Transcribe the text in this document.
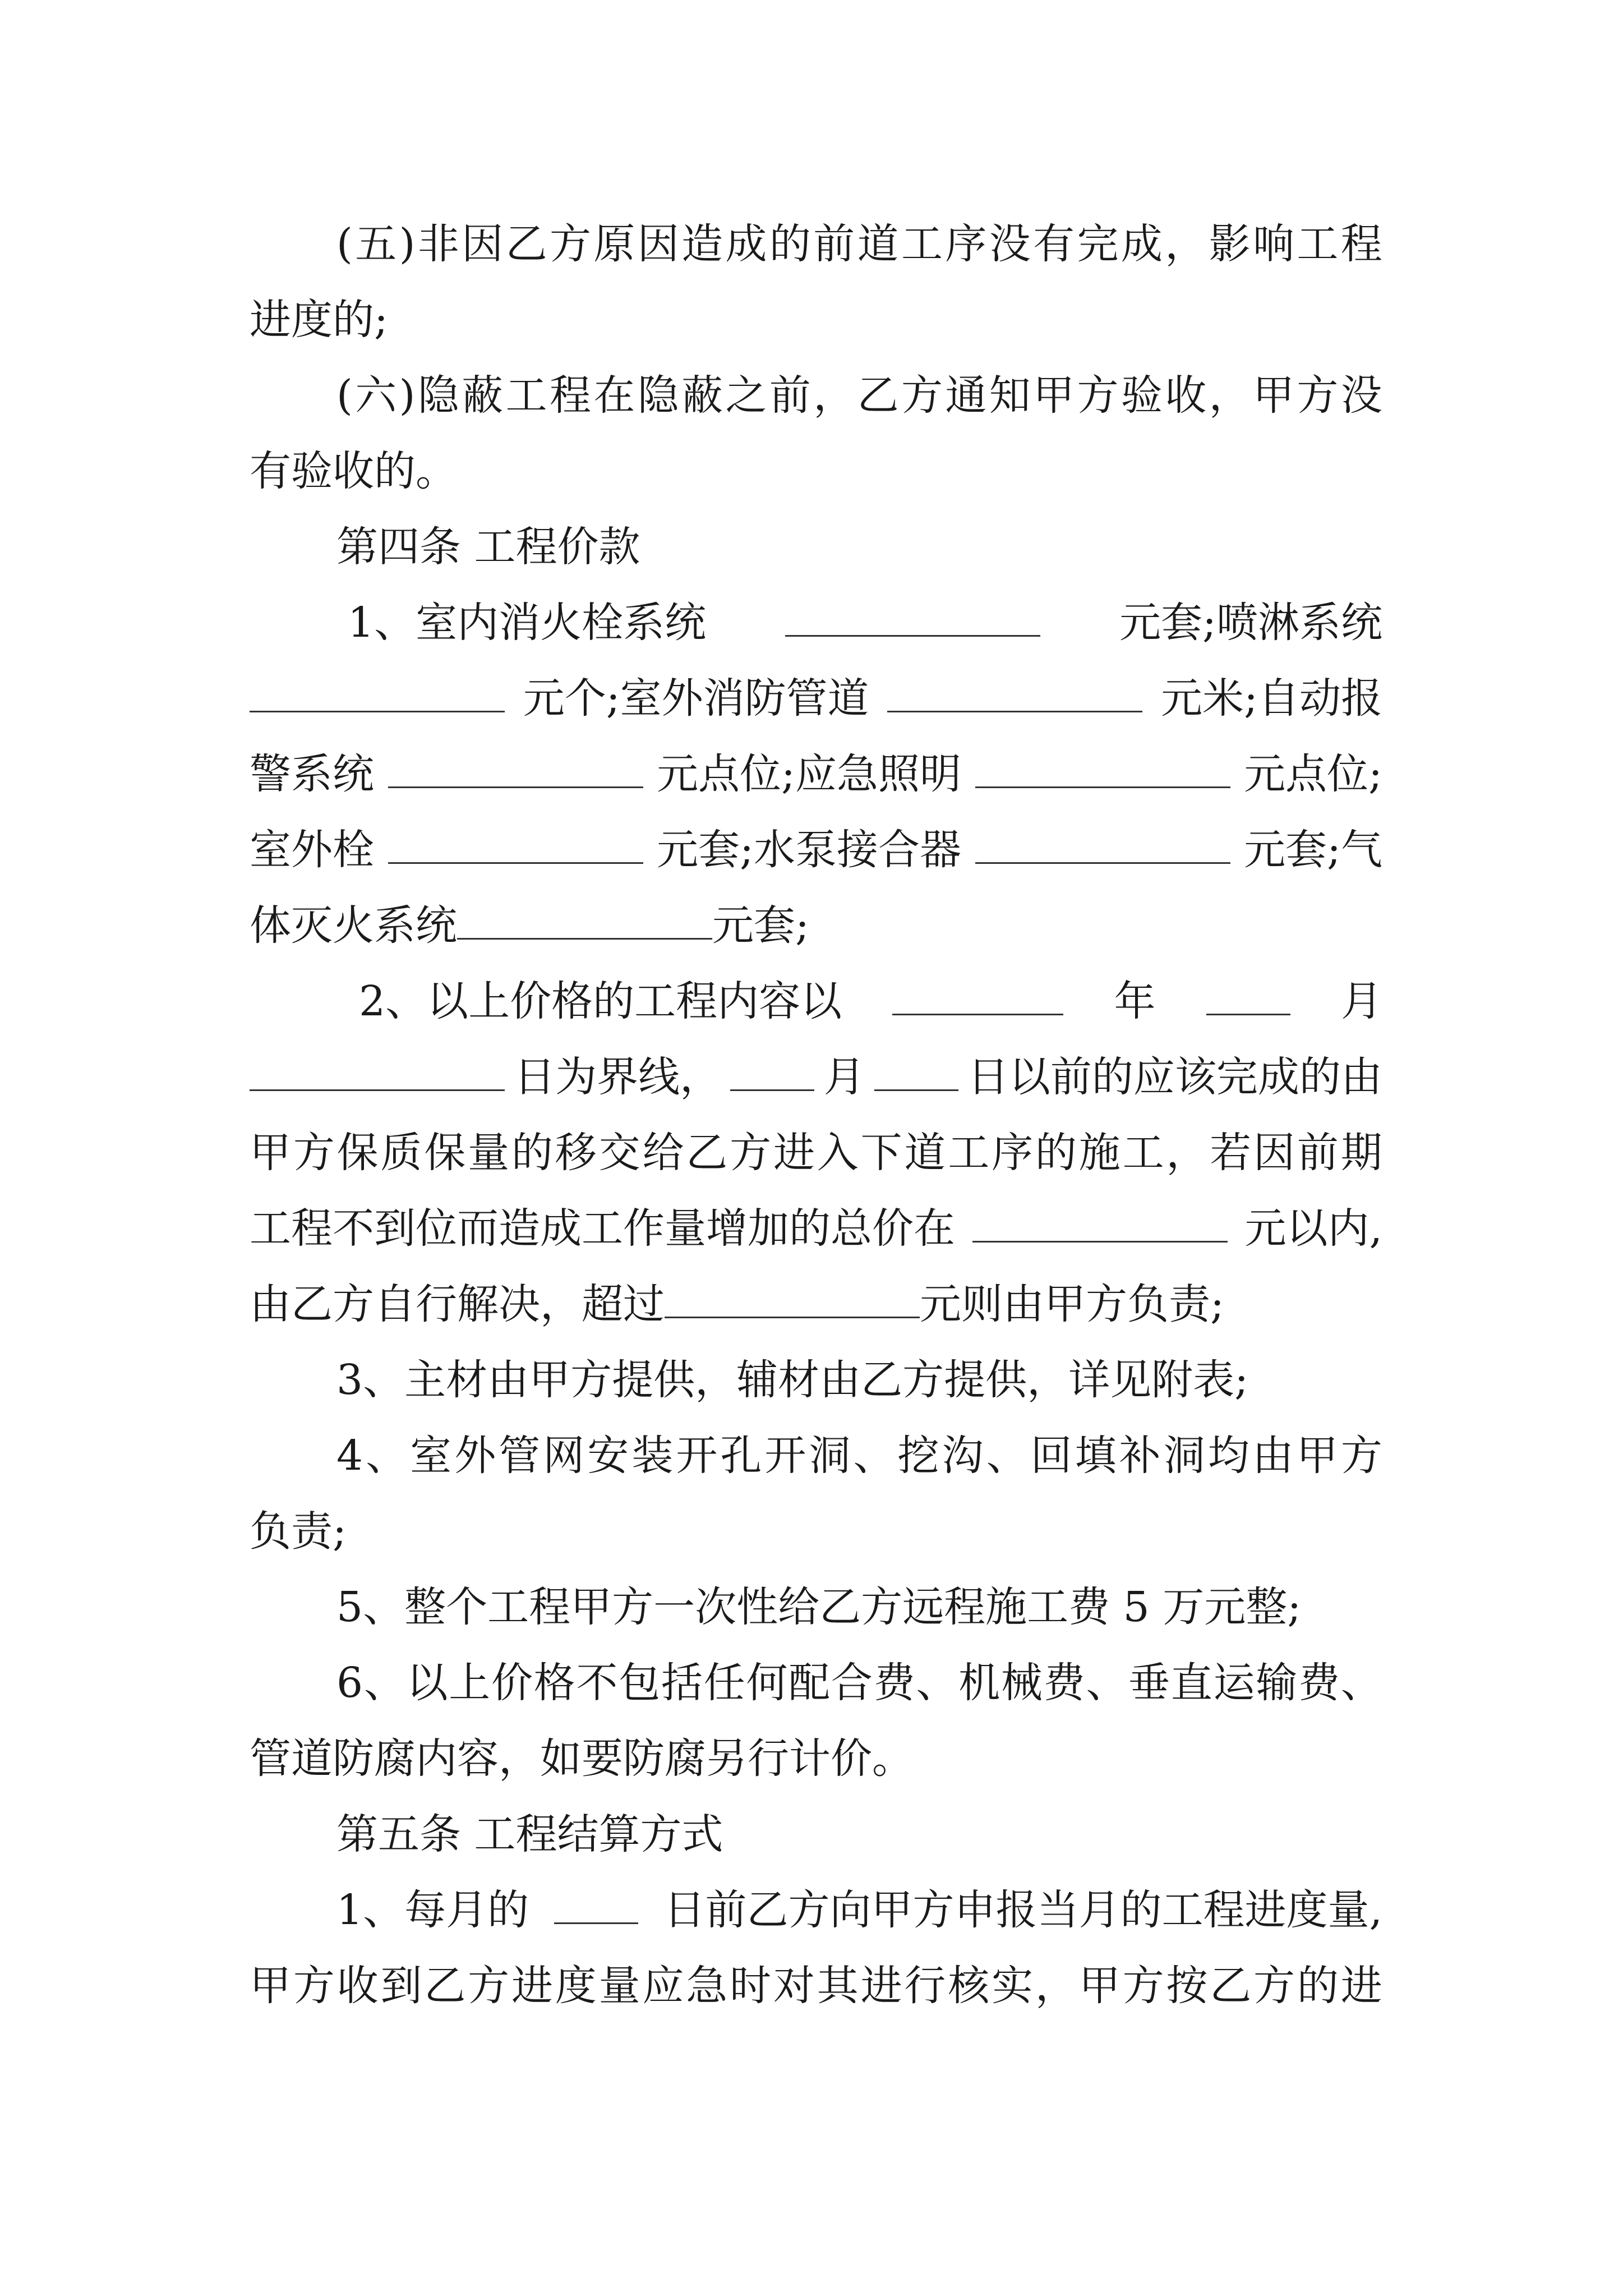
( 五 ) 非 因 乙 方 原 因 造 成 的 前 道 工 序 没 有 完 成 ， 影 响 工 程
进度的;
( 六 ) 隐 蔽 工 程 在 隐 蔽 之 前 ， 乙 方 通 知 甲 方 验 收 ， 甲 方 没
有验收的。
第四条 工程价款
1、室内消火栓系统	元套;喷淋系统
元个;室外消防管道	元米;自动报
警系统	元点位;应急照明	元点位;
室外栓	元套;水泵接合器	元套;气
体灭火系统	元套;
2、以上价格的工程内容以	年	月
日为界线， 月 日以前的应该完成的由
甲 方 保 质 保 量 的 移 交 给 乙 方 进 入 下 道 工 序 的 施 工 ， 若 因 前 期
工程不到位而造成工作量增加的总价在	元以内,
由乙方自行解决，超过	元则由甲方负责;
3、主材由甲方提供，辅材由乙方提供，详见附表;
4 、 室 外 管 网 安 装 开 孔 开 洞 、 挖 沟 、 回 填 补 洞 均 由 甲 方
负责;
5、整个工程甲方一次性给乙方远程施工费 5 万元整;
6 、 以 上 价 格 不 包 括 任 何 配 合 费 、 机 械 费 、 垂 直 运 输 费 、
管道防腐内容，如要防腐另行计价。
第五条 工程结算方式
1、每月的	日前乙方向甲方申报当月的工程进度量,
甲 方 收 到 乙 方 进 度 量 应 急 时 对 其 进 行 核 实 ， 甲 方 按 乙 方 的 进
